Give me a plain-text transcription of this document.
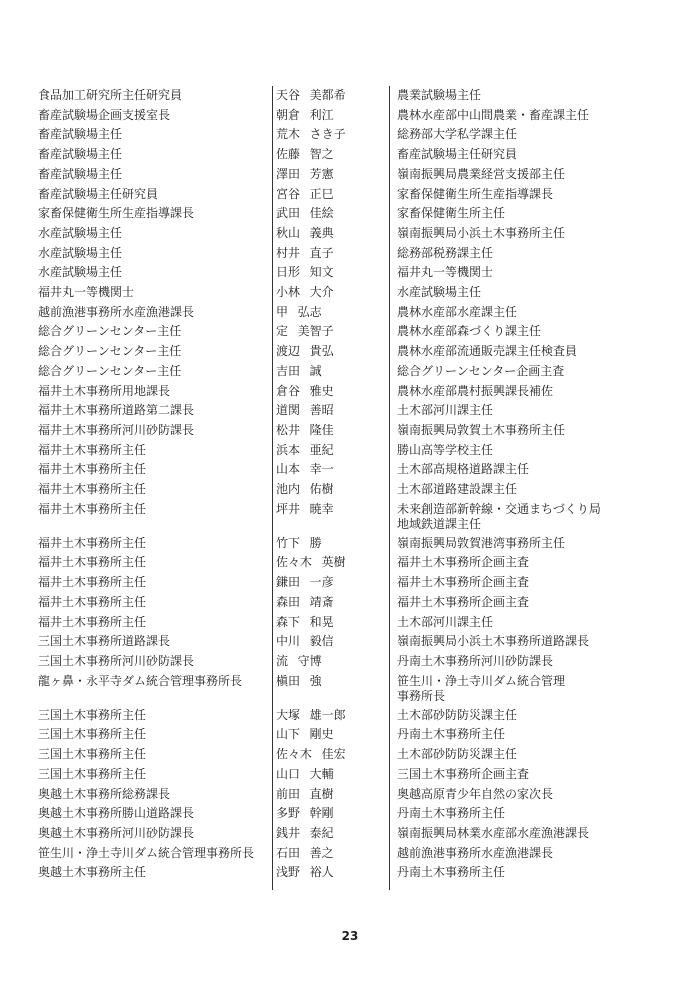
食品加工研究所主任研究員	天谷 美都希	農業試験場主任
畜産試験場企画支援室長	朝倉 利江	農林水産部中山間農業・畜産課主任
畜産試験場主任	荒木 さき子	総務部大学私学課主任
畜産試験場主任	佐藤 智之	畜産試験場主任研究員
畜産試験場主任	澤田 芳憲	嶺南振興局農業経営支援部主任
畜産試験場主任研究員	宮谷 正巳	家畜保健衛生所生産指導課長
家畜保健衛生所生産指導課長	武田 佳絵	家畜保健衛生所主任
水産試験場主任	秋山 義典	嶺南振興局小浜土木事務所主任
水産試験場主任	村井 直子	総務部税務課主任
水産試験場主任	日形 知文	福井丸一等機関士
福井丸一等機関士	小林 大介	水産試験場主任
越前漁港事務所水産漁港課長	甲 弘志	農林水産部水産課主任
総合グリーンセンター主任	定 美智子	農林水産部森づくり課主任
総合グリーンセンター主任	渡辺 貴弘	農林水産部流通販売課主任検査員
総合グリーンセンター主任	吉田 誠	総合グリーンセンター企画主査
福井土木事務所用地課長	倉谷 雅史	農林水産部農村振興課長補佐
福井土木事務所道路第二課長	道関 善昭	土木部河川課主任
福井土木事務所河川砂防課長	松井 隆佳	嶺南振興局敦賀土木事務所主任
福井土木事務所主任	浜本 亜紀	勝山高等学校主任
福井土木事務所主任	山本 幸一	土木部高規格道路課主任
福井土木事務所主任	池内 佑樹	土木部道路建設課主任
福井土木事務所主任	坪井 暁幸	未来創造部新幹線・交通まちづくり局
地域鉄道課主任
福井土木事務所主任	竹下 勝	嶺南振興局敦賀港湾事務所主任
福井土木事務所主任	佐々木 英樹	福井土木事務所企画主査
福井土木事務所主任	鎌田 一彦	福井土木事務所企画主査
福井土木事務所主任	森田 靖斎	福井土木事務所企画主査
福井土木事務所主任	森下 和晃	土木部河川課主任
三国土木事務所道路課長	中川 毅信	嶺南振興局小浜土木事務所道路課長
三国土木事務所河川砂防課長	流 守博	丹南土木事務所河川砂防課長
龍ヶ鼻・永平寺ダム統合管理事務所長	槇田 強	笹生川・浄土寺川ダム統合管理
事務所長
三国土木事務所主任	大塚 雄一郎	土木部砂防防災課主任
三国土木事務所主任	山下 剛史	丹南土木事務所主任
三国土木事務所主任	佐々木 佳宏	土木部砂防防災課主任
三国土木事務所主任	山口 大輔	三国土木事務所企画主査
奥越土木事務所総務課長	前田 直樹	奥越高原青少年自然の家次長
奥越土木事務所勝山道路課長	多野 幹剛	丹南土木事務所主任
奥越土木事務所河川砂防課長	銭井 泰紀	嶺南振興局林業水産部水産漁港課長
笹生川・浄土寺川ダム統合管理事務所長	石田 善之	越前漁港事務所水産漁港課長
奥越土木事務所主任	浅野 裕人	丹南土木事務所主任
23
